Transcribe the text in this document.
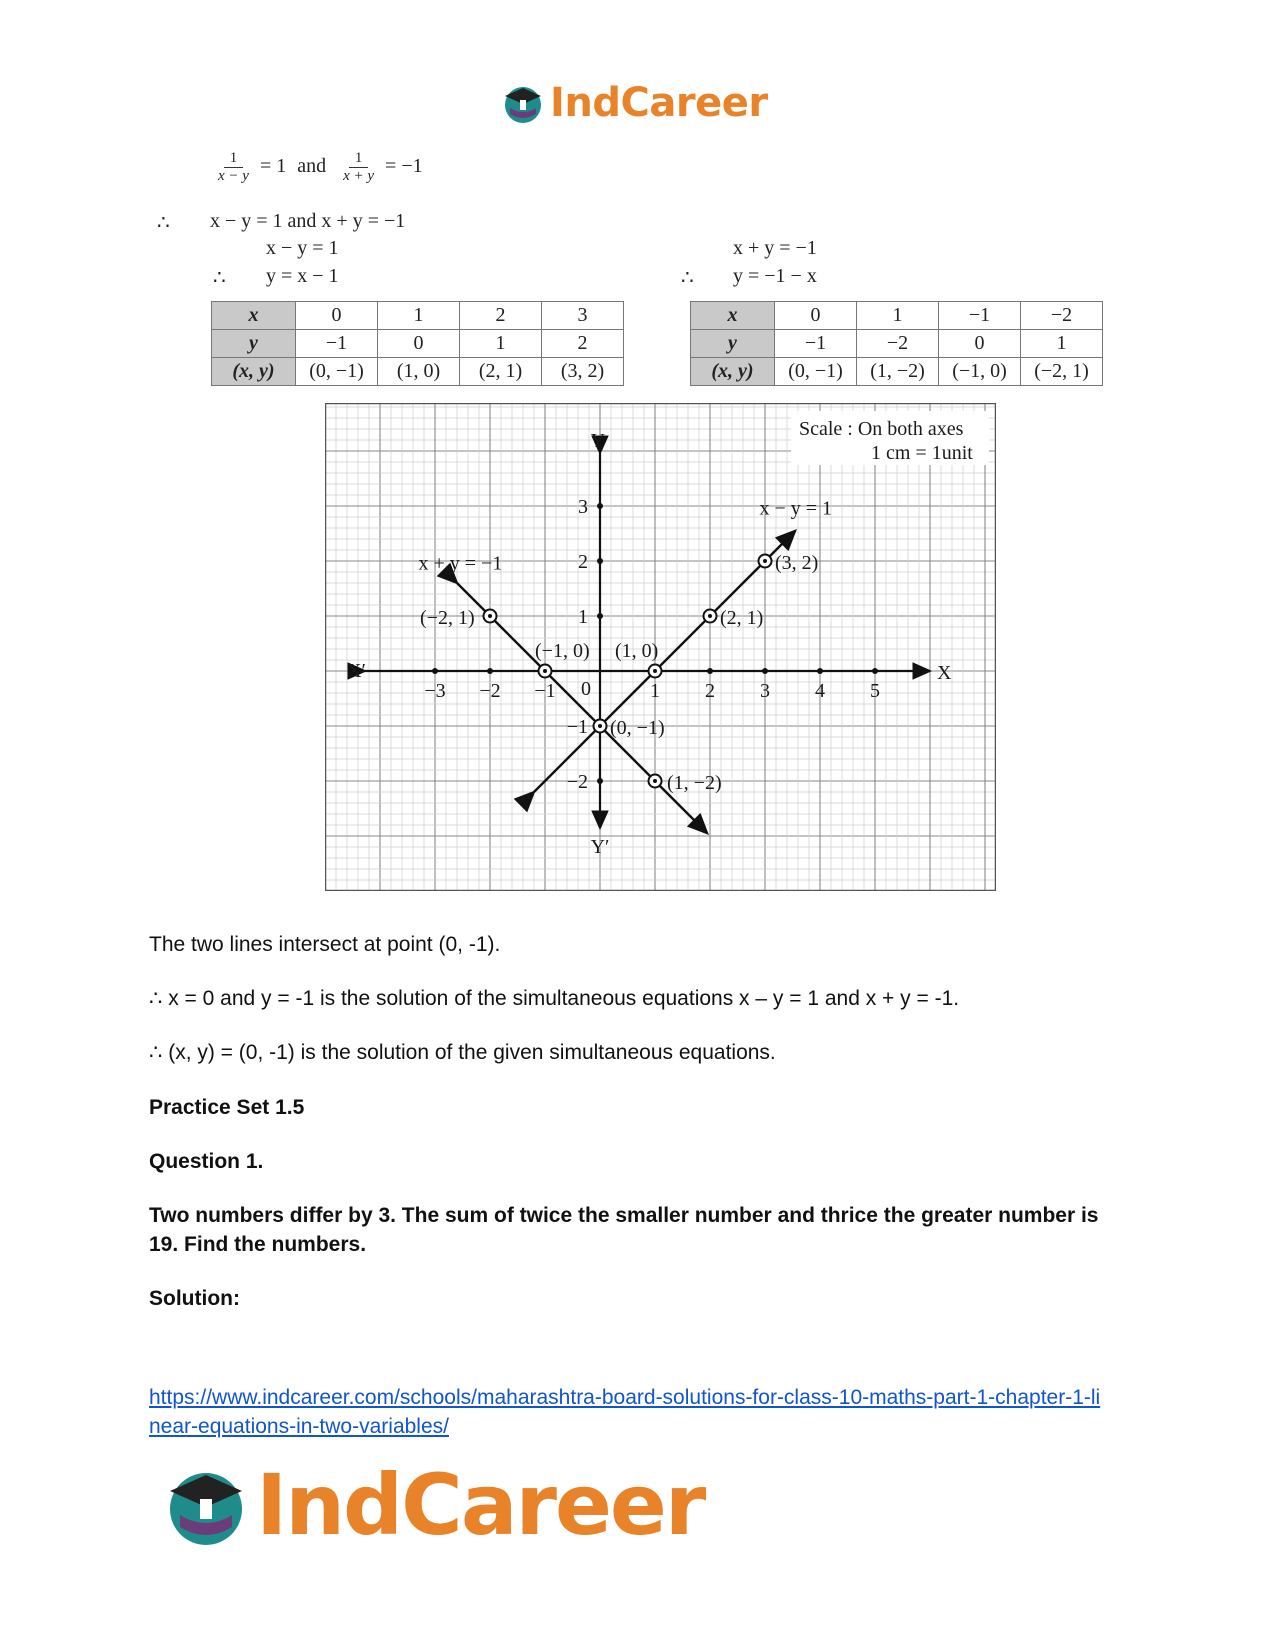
IndCareer
$\frac{1}{x - y} = 1$ and $\frac{1}{x + y} = -1$
∴ x − y = 1 and x + y = −1
x − y = 1
∴ y = x − 1
x + y = −1
∴ y = −1 − x
x	0	1	2	3
y	−1	0	1	2
(x, y)	(0, −1)	(1, 0)	(2, 1)	(3, 2)
x	0	1	−1	−2
y	−1	−2	0	1
(x, y)	(0, −1)	(1, −2)	(−1, 0)	(−2, 1)
Scale : On both axes
1 cm = 1unit
X
X′
Y
Y′
0
−3 −2 −1	1 2 3 4 5
3
2
1
−1
−2
(0, −1)
(1, 0)
(2, 1)
(3, 2)
(1, −2)
(−1, 0)
(−2, 1)
x − y = 1
x + y = −1
The two lines intersect at point (0, -1).
∴ x = 0 and y = -1 is the solution of the simultaneous equations x – y = 1 and x + y = -1.
∴ (x, y) = (0, -1) is the solution of the given simultaneous equations.
Practice Set 1.5
Question 1.
Two numbers differ by 3. The sum of twice the smaller number and thrice the greater number is 19. Find the numbers.
Solution:
https://www.indcareer.com/schools/maharashtra-board-solutions-for-class-10-maths-part-1-chapter-1-linear-equations-in-two-variables/
IndCareer
